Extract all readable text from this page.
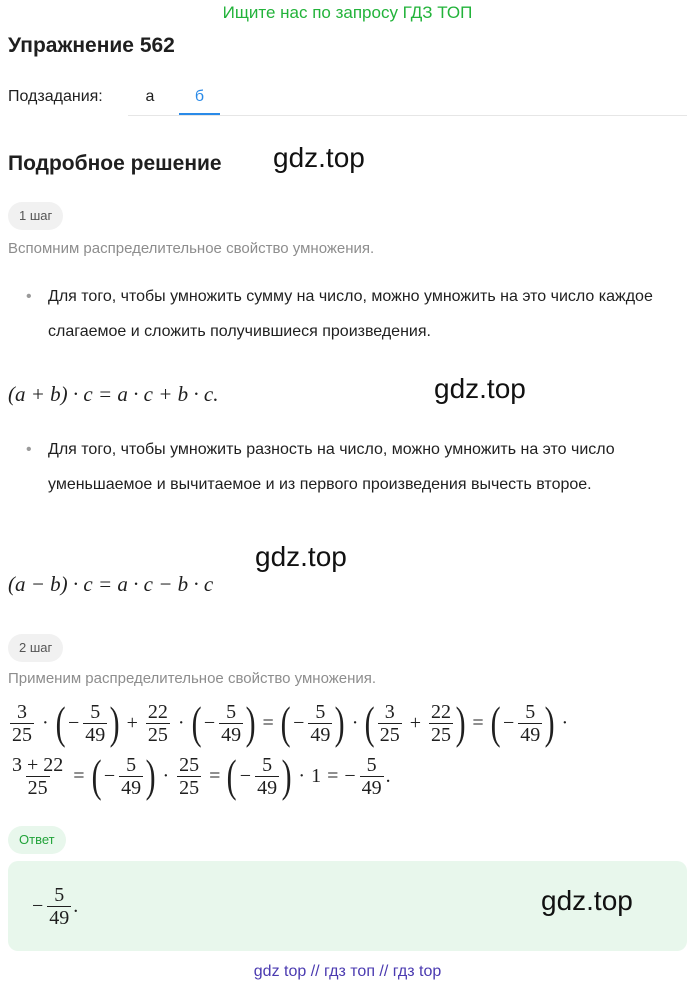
Ищите нас по запросу ГДЗ ТОП
Упражнение 562
Подзадания:	а	б
Подробное решение gdz.top
1 шаг
Вспомним распределительное свойство умножения.
• Для того, чтобы умножить сумму на число, можно умножить на это число каждое слагаемое и сложить получившиеся произведения.
(a + b) · c = a · c + b · c.	gdz.top
• Для того, чтобы умножить разность на число, можно умножить на это число уменьшаемое и вычитаемое и из первого произведения вычесть второе.
gdz.top
(a − b) · c = a · c − b · c
2 шаг
Применим распределительное свойство умножения.
$\frac{3}{25}$ · ( − $\frac{5}{49}$ ) + $\frac{22}{25}$ · ( − $\frac{5}{49}$ ) = ( − $\frac{5}{49}$ ) · ( $\frac{3}{25} + \frac{22}{25}$ ) = ( − $\frac{5}{49}$ ) ·
$\frac{3 + 22}{25}$ = ( − $\frac{5}{49}$ ) · $\frac{25}{25}$ = ( − $\frac{5}{49}$ ) · 1 = − $\frac{5}{49}$ .
Ответ
− $\frac{5}{49}$ .	gdz.top
gdz top // гдз топ // гдз top
